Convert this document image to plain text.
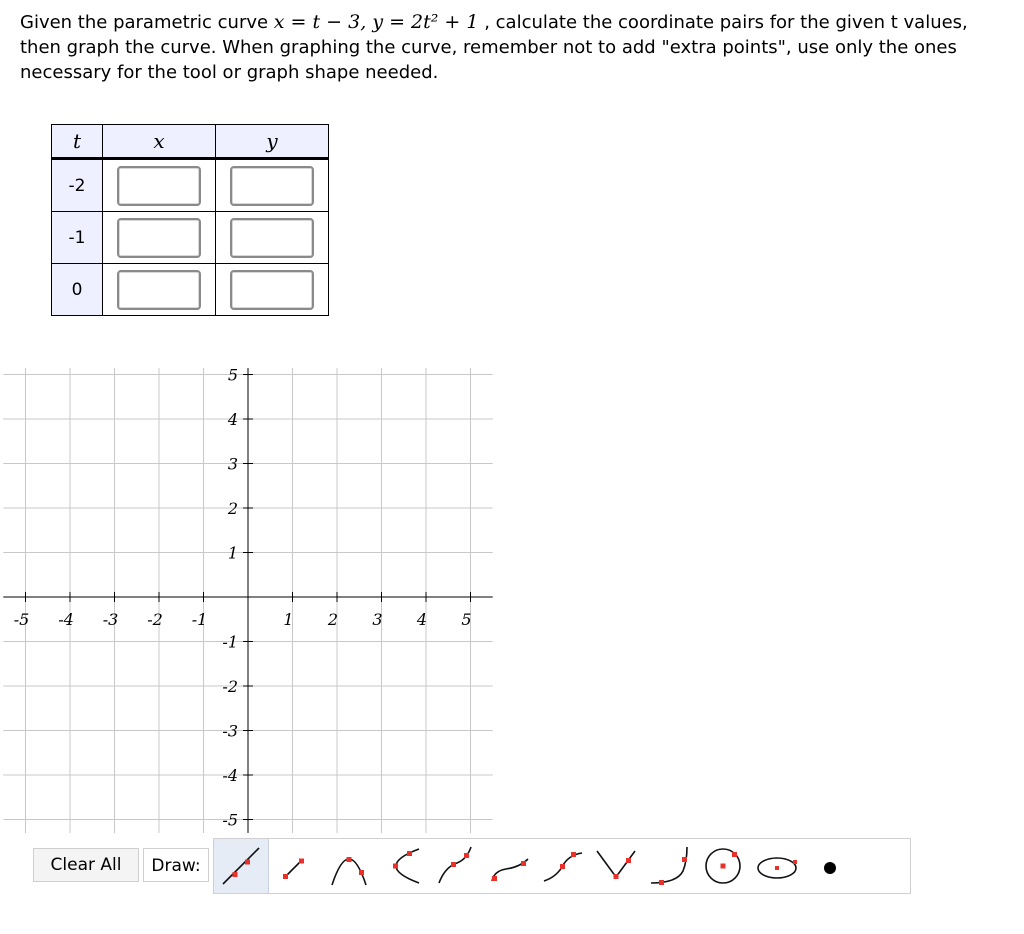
Given the parametric curve x = t − 3, y = 2t² + 1 , calculate the coordinate pairs for the given t values, then graph the curve. When graphing the curve, remember not to add "extra points", use only the ones necessary for the tool or graph shape needed.

t	x	y
-2	

-1	

0	

-5 -4 -3 -2 -1	1 2 3 4 5
5
4
3
2
1
-1
-2
-3
-4
-5
Clear All	Draw:
